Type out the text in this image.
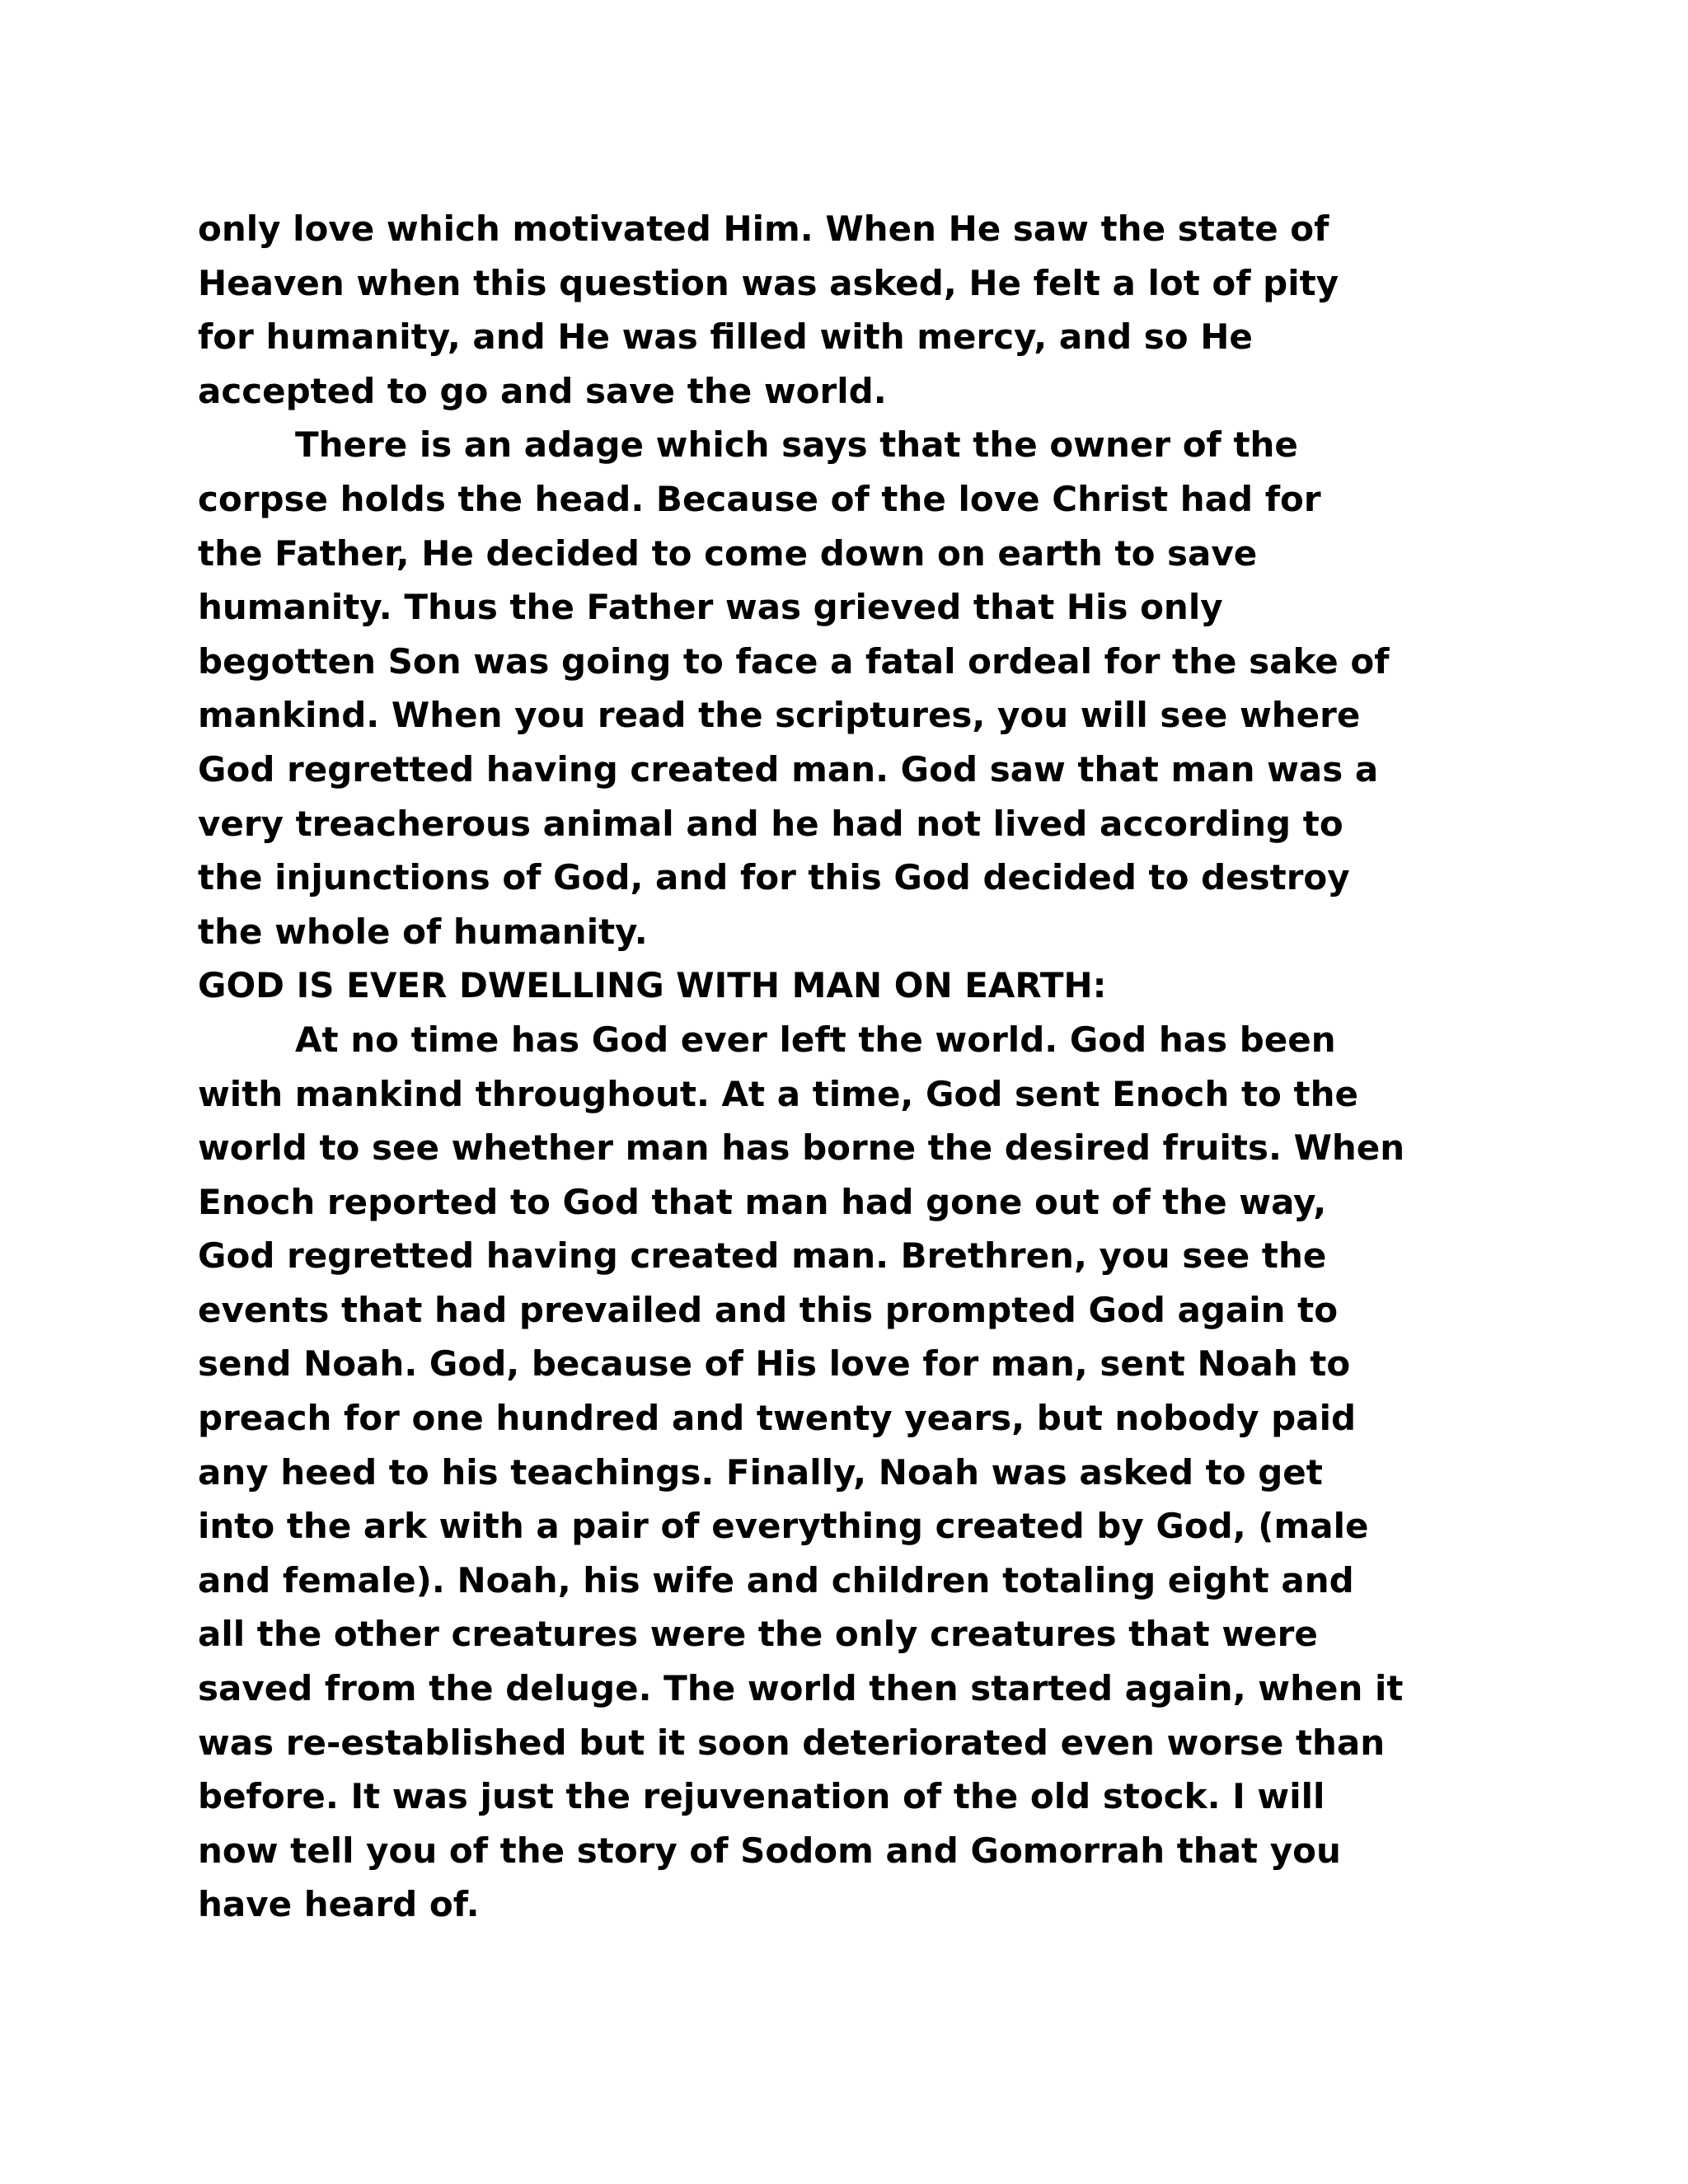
only love which motivated Him. When He saw the state of
Heaven when this question was asked, He felt a lot of pity
for humanity, and He was filled with mercy, and so He
accepted to go and save the world.
There is an adage which says that the owner of the
corpse holds the head. Because of the love Christ had for
the Father, He decided to come down on earth to save
humanity. Thus the Father was grieved that His only
begotten Son was going to face a fatal ordeal for the sake of
mankind. When you read the scriptures, you will see where
God regretted having created man. God saw that man was a
very treacherous animal and he had not lived according to
the injunctions of God, and for this God decided to destroy
the whole of humanity.
GOD IS EVER DWELLING WITH MAN ON EARTH:
At no time has God ever left the world. God has been
with mankind throughout. At a time, God sent Enoch to the
world to see whether man has borne the desired fruits. When
Enoch reported to God that man had gone out of the way,
God regretted having created man. Brethren, you see the
events that had prevailed and this prompted God again to
send Noah. God, because of His love for man, sent Noah to
preach for one hundred and twenty years, but nobody paid
any heed to his teachings. Finally, Noah was asked to get
into the ark with a pair of everything created by God, (male
and female). Noah, his wife and children totaling eight and
all the other creatures were the only creatures that were
saved from the deluge. The world then started again, when it
was re-established but it soon deteriorated even worse than
before. It was just the rejuvenation of the old stock. I will
now tell you of the story of Sodom and Gomorrah that you
have heard of.
